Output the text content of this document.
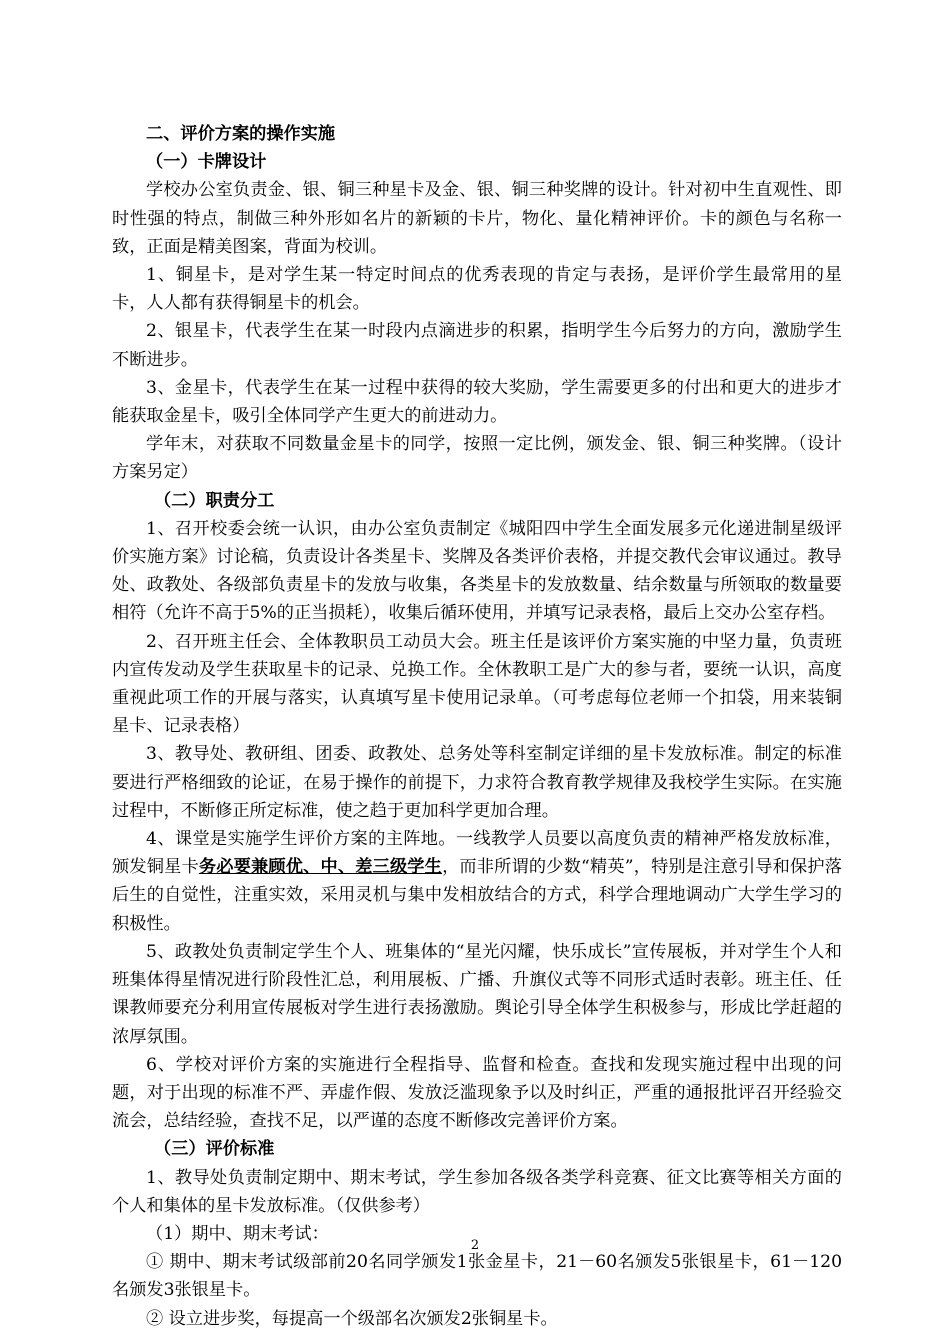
二、评价方案的操作实施

（一）卡牌设计

学校办公室负责金、银、铜三种星卡及金、银、铜三种奖牌的设计。针对初中生直观性、即时性强的特点，制做三种外形如名片的新颖的卡片，物化、量化精神评价。卡的颜色与名称一致，正面是精美图案，背面为校训。

1、铜星卡，是对学生某一特定时间点的优秀表现的肯定与表扬，是评价学生最常用的星卡，人人都有获得铜星卡的机会。

2、银星卡，代表学生在某一时段内点滴进步的积累，指明学生今后努力的方向，激励学生不断进步。

3、金星卡，代表学生在某一过程中获得的较大奖励，学生需要更多的付出和更大的进步才能获取金星卡，吸引全体同学产生更大的前进动力。

学年末，对获取不同数量金星卡的同学，按照一定比例，颁发金、银、铜三种奖牌。（设计方案另定）

（二）职责分工

1、召开校委会统一认识，由办公室负责制定《城阳四中学生全面发展多元化递进制星级评价实施方案》讨论稿，负责设计各类星卡、奖牌及各类评价表格，并提交教代会审议通过。教导处、政教处、各级部负责星卡的发放与收集，各类星卡的发放数量、结余数量与所领取的数量要相符（允许不高于5%的正当损耗），收集后循环使用，并填写记录表格，最后上交办公室存档。

2、召开班主任会、全体教职员工动员大会。班主任是该评价方案实施的中坚力量，负责班内宣传发动及学生获取星卡的记录、兑换工作。全休教职工是广大的参与者，要统一认识，高度重视此项工作的开展与落实，认真填写星卡使用记录单。（可考虑每位老师一个扣袋，用来装铜星卡、记录表格）

3、教导处、教研组、团委、政教处、总务处等科室制定详细的星卡发放标准。制定的标准要进行严格细致的论证，在易于操作的前提下，力求符合教育教学规律及我校学生实际。在实施过程中，不断修正所定标准，使之趋于更加科学更加合理。

4、课堂是实施学生评价方案的主阵地。一线教学人员要以高度负责的精神严格发放标准，颁发铜星卡务必要兼顾优、中、差三级学生，而非所谓的少数“精英”，特别是注意引导和保护落后生的自觉性，注重实效，采用灵机与集中发相放结合的方式，科学合理地调动广大学生学习的积极性。

5、政教处负责制定学生个人、班集体的“星光闪耀，快乐成长”宣传展板，并对学生个人和班集体得星情况进行阶段性汇总，利用展板、广播、升旗仪式等不同形式适时表彰。班主任、任课教师要充分利用宣传展板对学生进行表扬激励。舆论引导全体学生积极参与，形成比学赶超的浓厚氛围。

6、学校对评价方案的实施进行全程指导、监督和检查。查找和发现实施过程中出现的问题，对于出现的标准不严、弄虚作假、发放泛滥现象予以及时纠正，严重的通报批评召开经验交流会，总结经验，查找不足，以严谨的态度不断修改完善评价方案。

（三）评价标准

1、教导处负责制定期中、期末考试，学生参加各级各类学科竞赛、征文比赛等相关方面的个人和集体的星卡发放标准。（仅供参考）

（1）期中、期末考试：

① 期中、期末考试级部前20名同学颁发1张金星卡，21－60名颁发5张银星卡，61－120名颁发3张银星卡。

② 设立进步奖，每提高一个级部名次颁发2张铜星卡。

2
